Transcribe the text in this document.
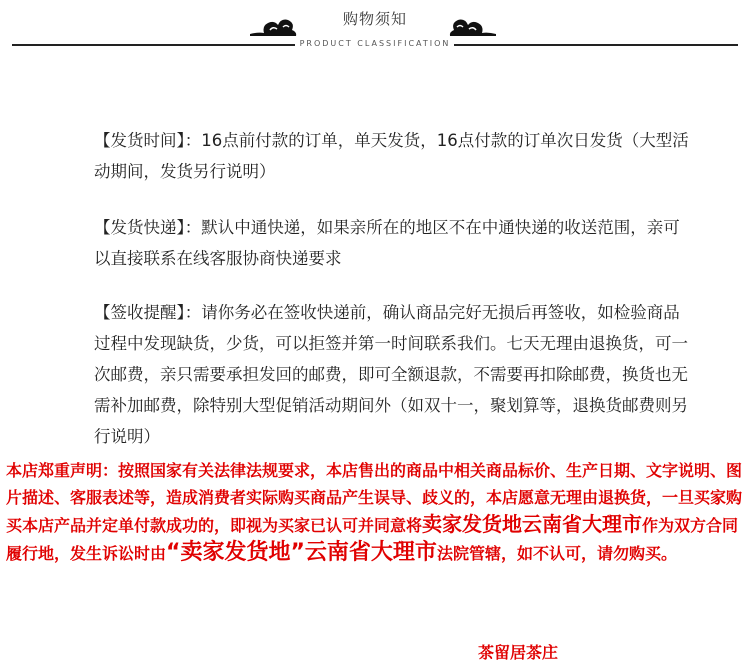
购物须知
PRODUCT CLASSIFICATION

【发货时间】：16点前付款的订单，单天发货，16点付款的订单次日发货（大型活动期间，发货另行说明）

【发货快递】：默认中通快递，如果亲所在的地区不在中通快递的收送范围，亲可以直接联系在线客服协商快递要求

【签收提醒】：请你务必在签收快递前，确认商品完好无损后再签收，如检验商品过程中发现缺货，少货，可以拒签并第一时间联系我们。七天无理由退换货，可一次邮费，亲只需要承担发回的邮费，即可全额退款，不需要再扣除邮费，换货也无需补加邮费，除特别大型促销活动期间外（如双十一，聚划算等，退换货邮费则另行说明）

本店郑重声明：按照国家有关法律法规要求，本店售出的商品中相关商品标价、生产日期、文字说明、图片描述、客服表述等，造成消费者实际购买商品产生误导、歧义的，本店愿意无理由退换货，一旦买家购买本店产品并定单付款成功的，即视为买家已认可并同意将卖家发货地云南省大理市作为双方合同履行地，发生诉讼时由“卖家发货地”云南省大理市法院管辖，如不认可，请勿购买。

茶留居茶庄
